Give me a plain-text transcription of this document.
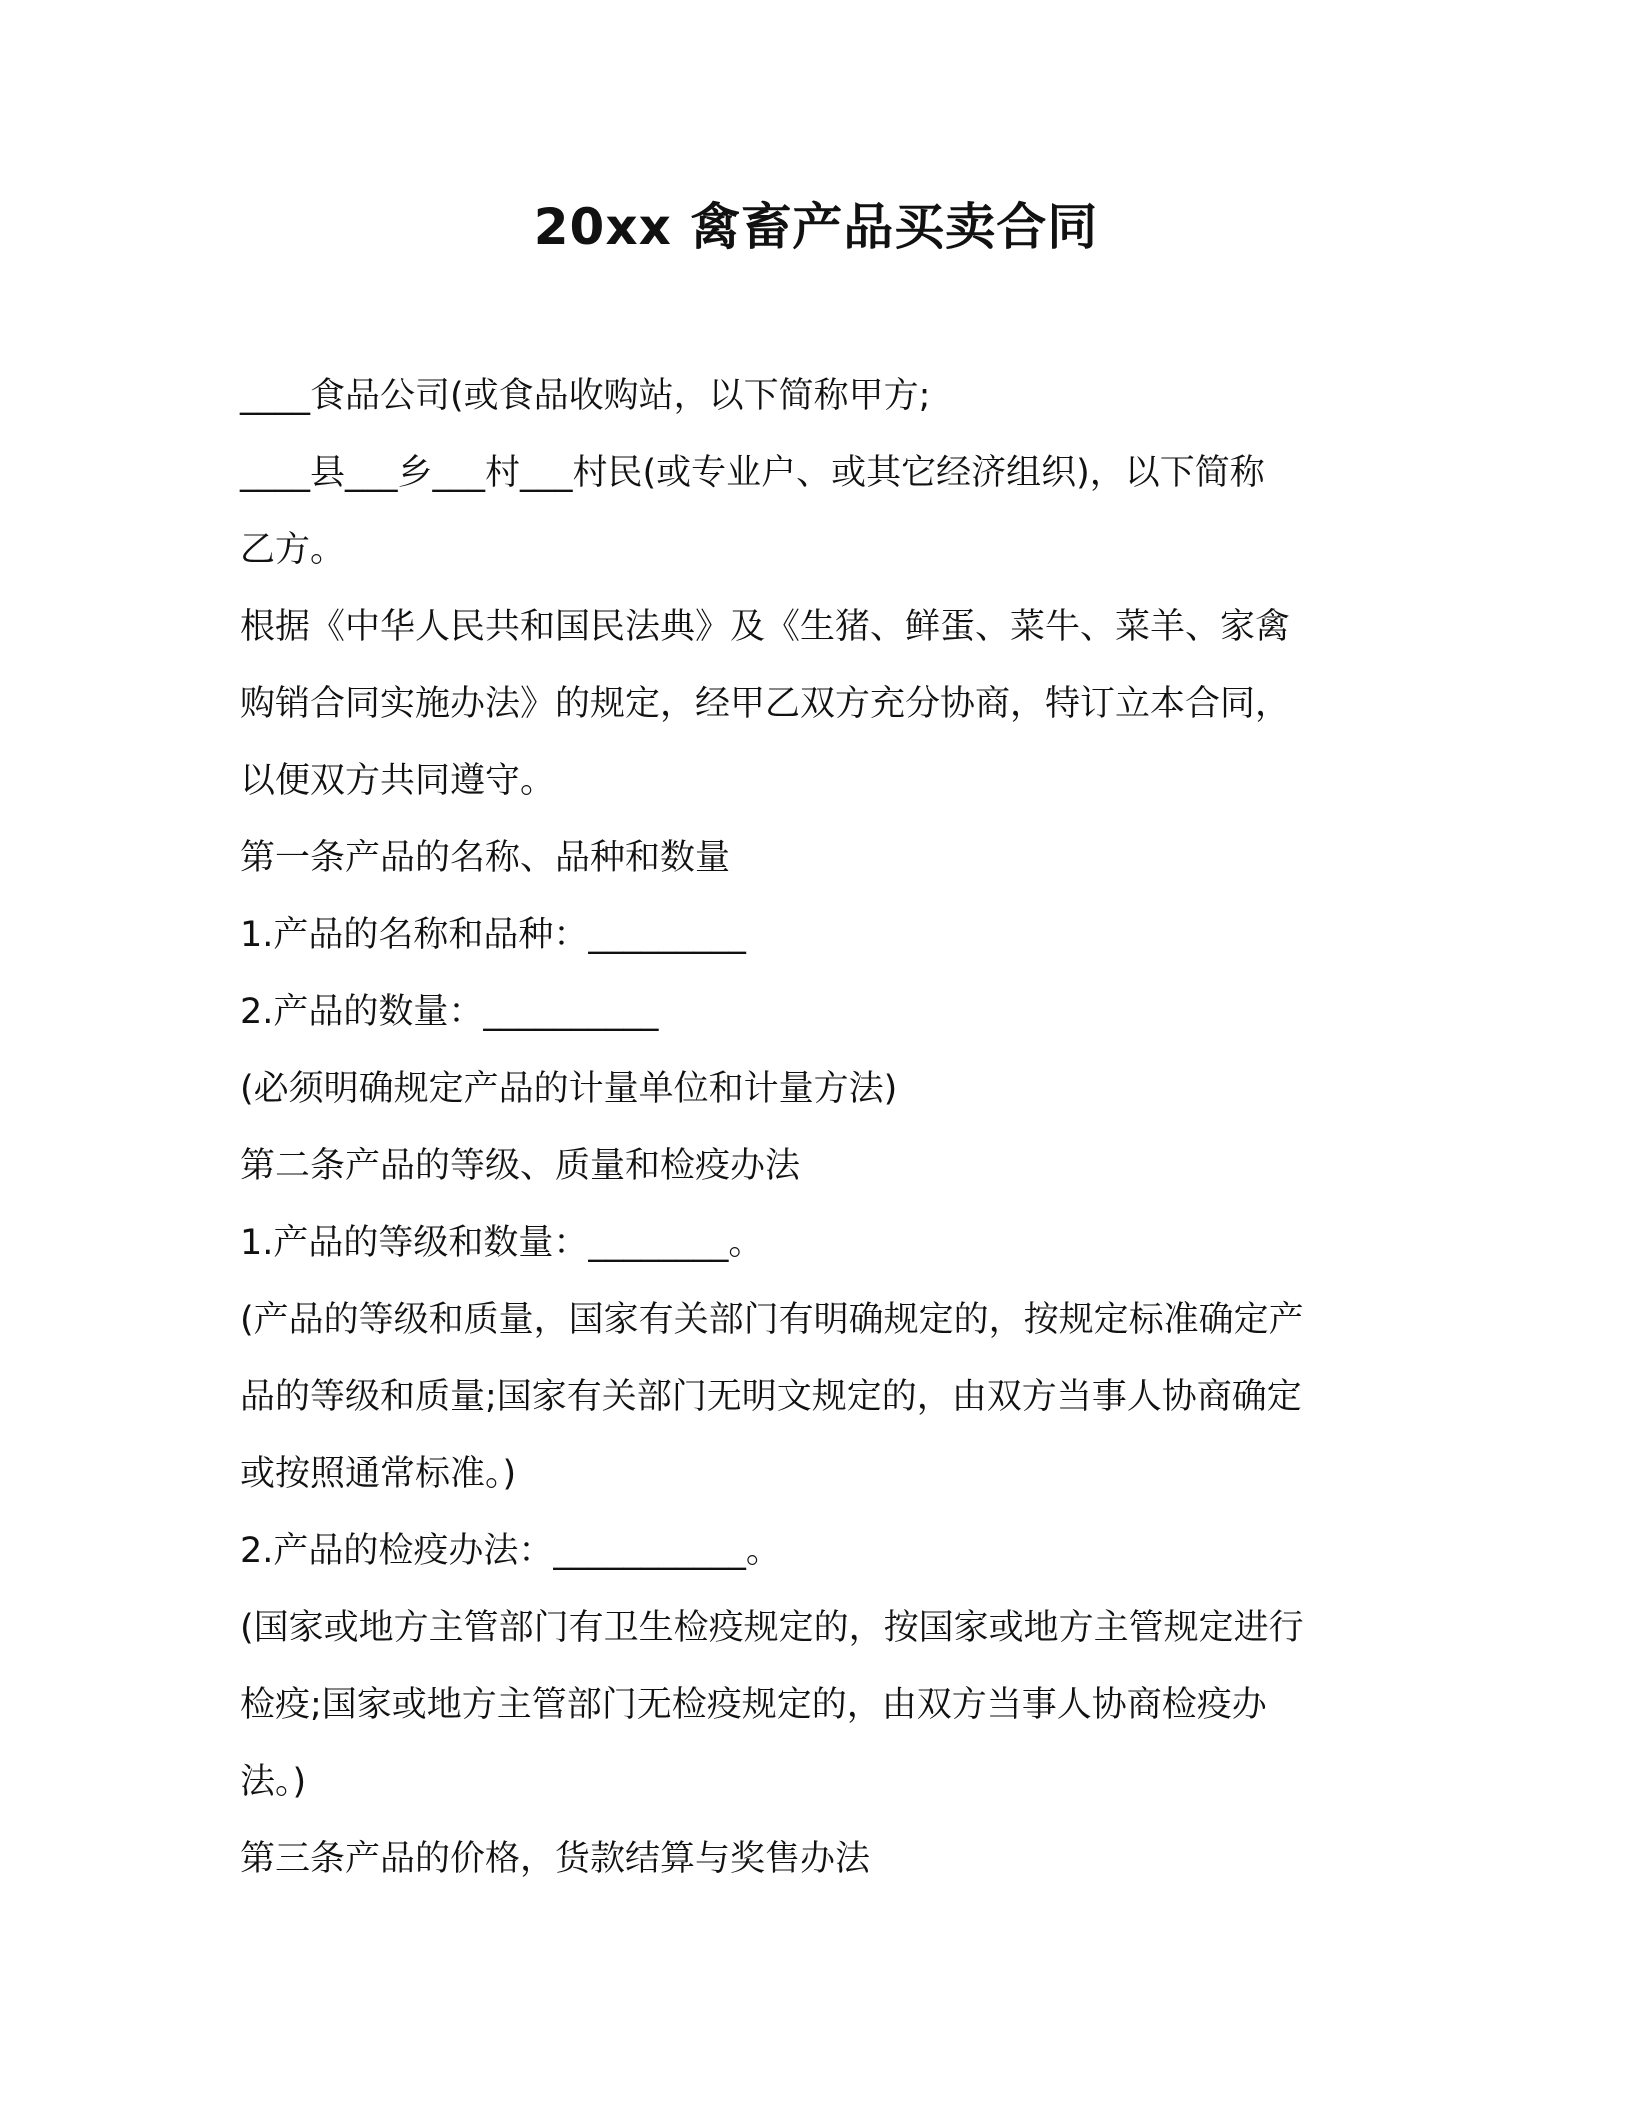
20xx 禽畜产品买卖合同
____食品公司(或食品收购站，以下简称甲方;
____县___乡___村___村民(或专业户、或其它经济组织)，以下简称
乙方。
根据《中华人民共和国民法典》及《生猪、鲜蛋、菜牛、菜羊、家禽
购销合同实施办法》的规定，经甲乙双方充分协商，特订立本合同，
以便双方共同遵守。
第一条产品的名称、品种和数量
1.产品的名称和品种：_________
2.产品的数量：__________
(必须明确规定产品的计量单位和计量方法)
第二条产品的等级、质量和检疫办法
1.产品的等级和数量：________。
(产品的等级和质量，国家有关部门有明确规定的，按规定标准确定产
品的等级和质量;国家有关部门无明文规定的，由双方当事人协商确定
或按照通常标准。)
2.产品的检疫办法：___________。
(国家或地方主管部门有卫生检疫规定的，按国家或地方主管规定进行
检疫;国家或地方主管部门无检疫规定的，由双方当事人协商检疫办
法。)
第三条产品的价格，货款结算与奖售办法
